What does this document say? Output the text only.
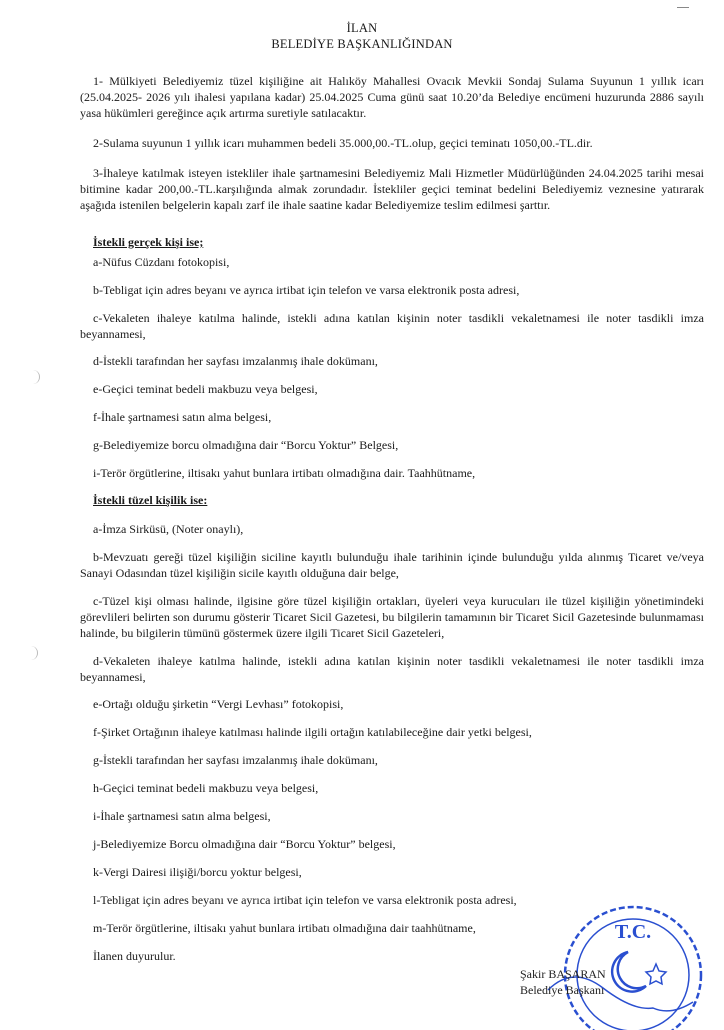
İLAN
BELEDİYE BAŞKANLIĞINDAN
1- Mülkiyeti Belediyemiz tüzel kişiliğine ait Halıköy Mahallesi Ovacık Mevkii Sondaj Sulama Suyunun 1 yıllık icarı (25.04.2025- 2026 yılı ihalesi yapılana kadar) 25.04.2025 Cuma günü saat 10.20’da Belediye encümeni huzurunda 2886 sayılı yasa hükümleri gereğince açık artırma suretiyle satılacaktır.
2-Sulama suyunun 1 yıllık icarı muhammen bedeli 35.000,00.-TL.olup, geçici teminatı 1050,00.-TL.dir.
3-İhaleye katılmak isteyen istekliler ihale şartnamesini Belediyemiz Mali Hizmetler Müdürlüğünden 24.04.2025 tarihi mesai bitimine kadar 200,00.-TL.karşılığında almak zorundadır. İstekliler geçici teminat bedelini Belediyemiz veznesine yatırarak aşağıda istenilen belgelerin kapalı zarf ile ihale saatine kadar Belediyemize teslim edilmesi şarttır.
İstekli gerçek kişi ise;
a-Nüfus Cüzdanı fotokopisi,
b-Tebligat için adres beyanı ve ayrıca irtibat için telefon ve varsa elektronik posta adresi,
c-Vekaleten ihaleye katılma halinde, istekli adına katılan kişinin noter tasdikli vekaletnamesi ile noter tasdikli imza beyannamesi,
d-İstekli tarafından her sayfası imzalanmış ihale dokümanı,
e-Geçici teminat bedeli makbuzu veya belgesi,
f-İhale şartnamesi satın alma belgesi,
g-Belediyemize borcu olmadığına dair “Borcu Yoktur” Belgesi,
i-Terör örgütlerine, iltisakı yahut bunlara irtibatı olmadığına dair. Taahhütname,
İstekli tüzel kişilik ise:
a-İmza Sirküsü, (Noter onaylı),
b-Mevzuatı gereği tüzel kişiliğin siciline kayıtlı bulunduğu ihale tarihinin içinde bulunduğu yılda alınmış Ticaret ve/veya Sanayi Odasından tüzel kişiliğin sicile kayıtlı olduğuna dair belge,
c-Tüzel kişi olması halinde, ilgisine göre tüzel kişiliğin ortakları, üyeleri veya kurucuları ile tüzel kişiliğin yönetimindeki görevlileri belirten son durumu gösterir Ticaret Sicil Gazetesi, bu bilgilerin tamamının bir Ticaret Sicil Gazetesinde bulunmaması halinde, bu bilgilerin tümünü göstermek üzere ilgili Ticaret Sicil Gazeteleri,
d-Vekaleten ihaleye katılma halinde, istekli adına katılan kişinin noter tasdikli vekaletnamesi ile noter tasdikli imza beyannamesi,
e-Ortağı olduğu şirketin “Vergi Levhası” fotokopisi,
f-Şirket Ortağının ihaleye katılması halinde ilgili ortağın katılabileceğine dair yetki belgesi,
g-İstekli tarafından her sayfası imzalanmış ihale dokümanı,
h-Geçici teminat bedeli makbuzu veya belgesi,
i-İhale şartnamesi satın alma belgesi,
j-Belediyemize Borcu olmadığına dair “Borcu Yoktur” belgesi,
k-Vergi Dairesi ilişiği/borcu yoktur belgesi,
l-Tebligat için adres beyanı ve ayrıca irtibat için telefon ve varsa elektronik posta adresi,
m-Terör örgütlerine, iltisakı yahut bunlara irtibatı olmadığına dair taahhütname,
İlanen duyurulur.
T.C.
Şakir BAŞARAN
Belediye Başkanı
